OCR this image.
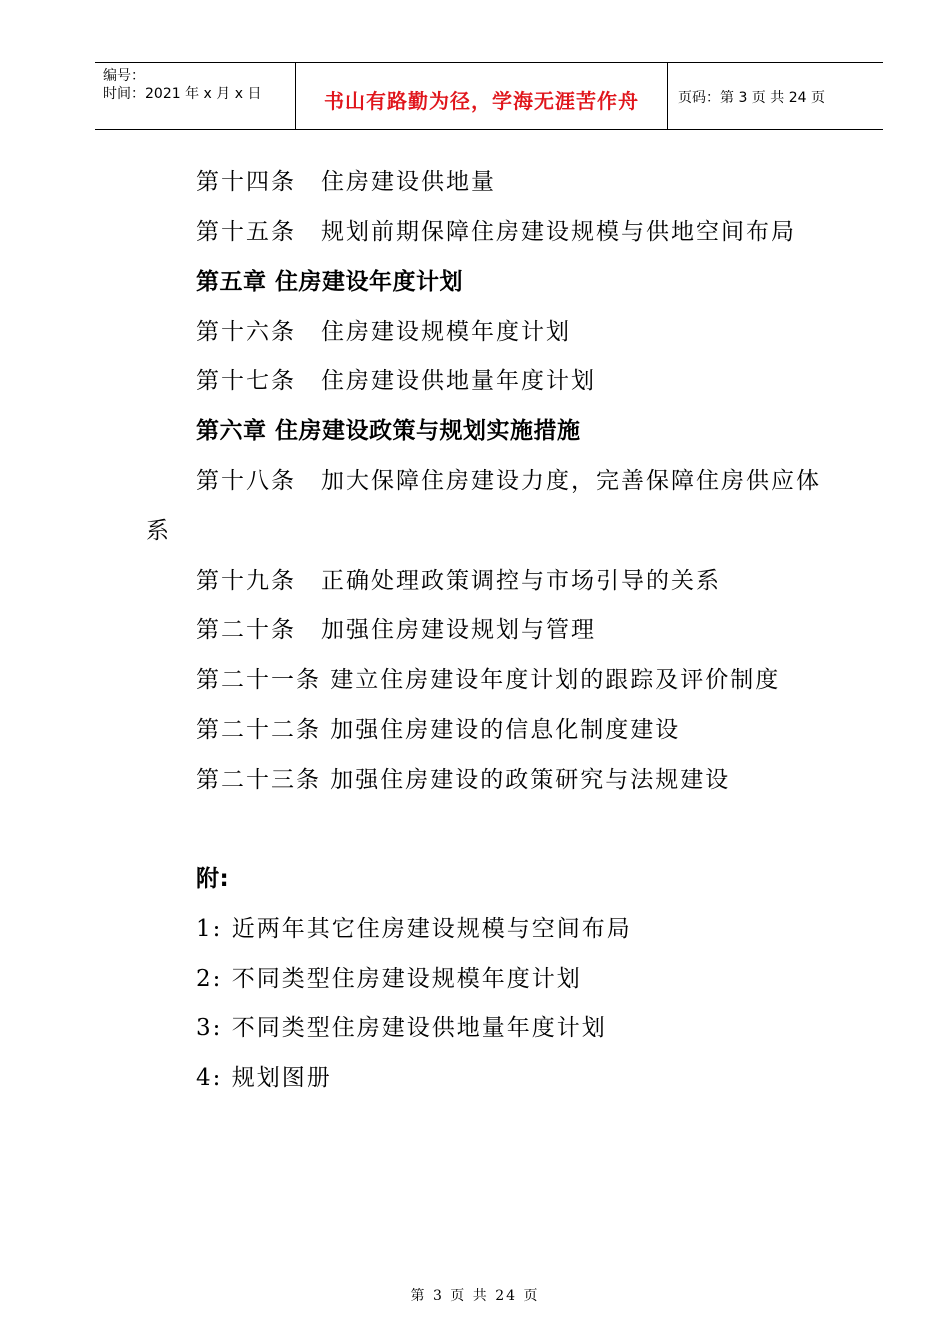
编号：
时间：2021 年 x 月 x 日	书山有路勤为径，学海无涯苦作舟	页码：第 3 页 共 24 页
第十四条　住房建设供地量
第十五条　规划前期保障住房建设规模与供地空间布局
第五章 住房建设年度计划
第十六条　住房建设规模年度计划
第十七条　住房建设供地量年度计划
第六章 住房建设政策与规划实施措施
第十八条　加大保障住房建设力度，完善保障住房供应体
系
第十九条　正确处理政策调控与市场引导的关系
第二十条　加强住房建设规划与管理
第二十一条 建立住房建设年度计划的跟踪及评价制度
第二十二条 加强住房建设的信息化制度建设
第二十三条 加强住房建设的政策研究与法规建设
附:
1: 近两年其它住房建设规模与空间布局
2: 不同类型住房建设规模年度计划
3: 不同类型住房建设供地量年度计划
4: 规划图册
第 3 页 共 24 页
